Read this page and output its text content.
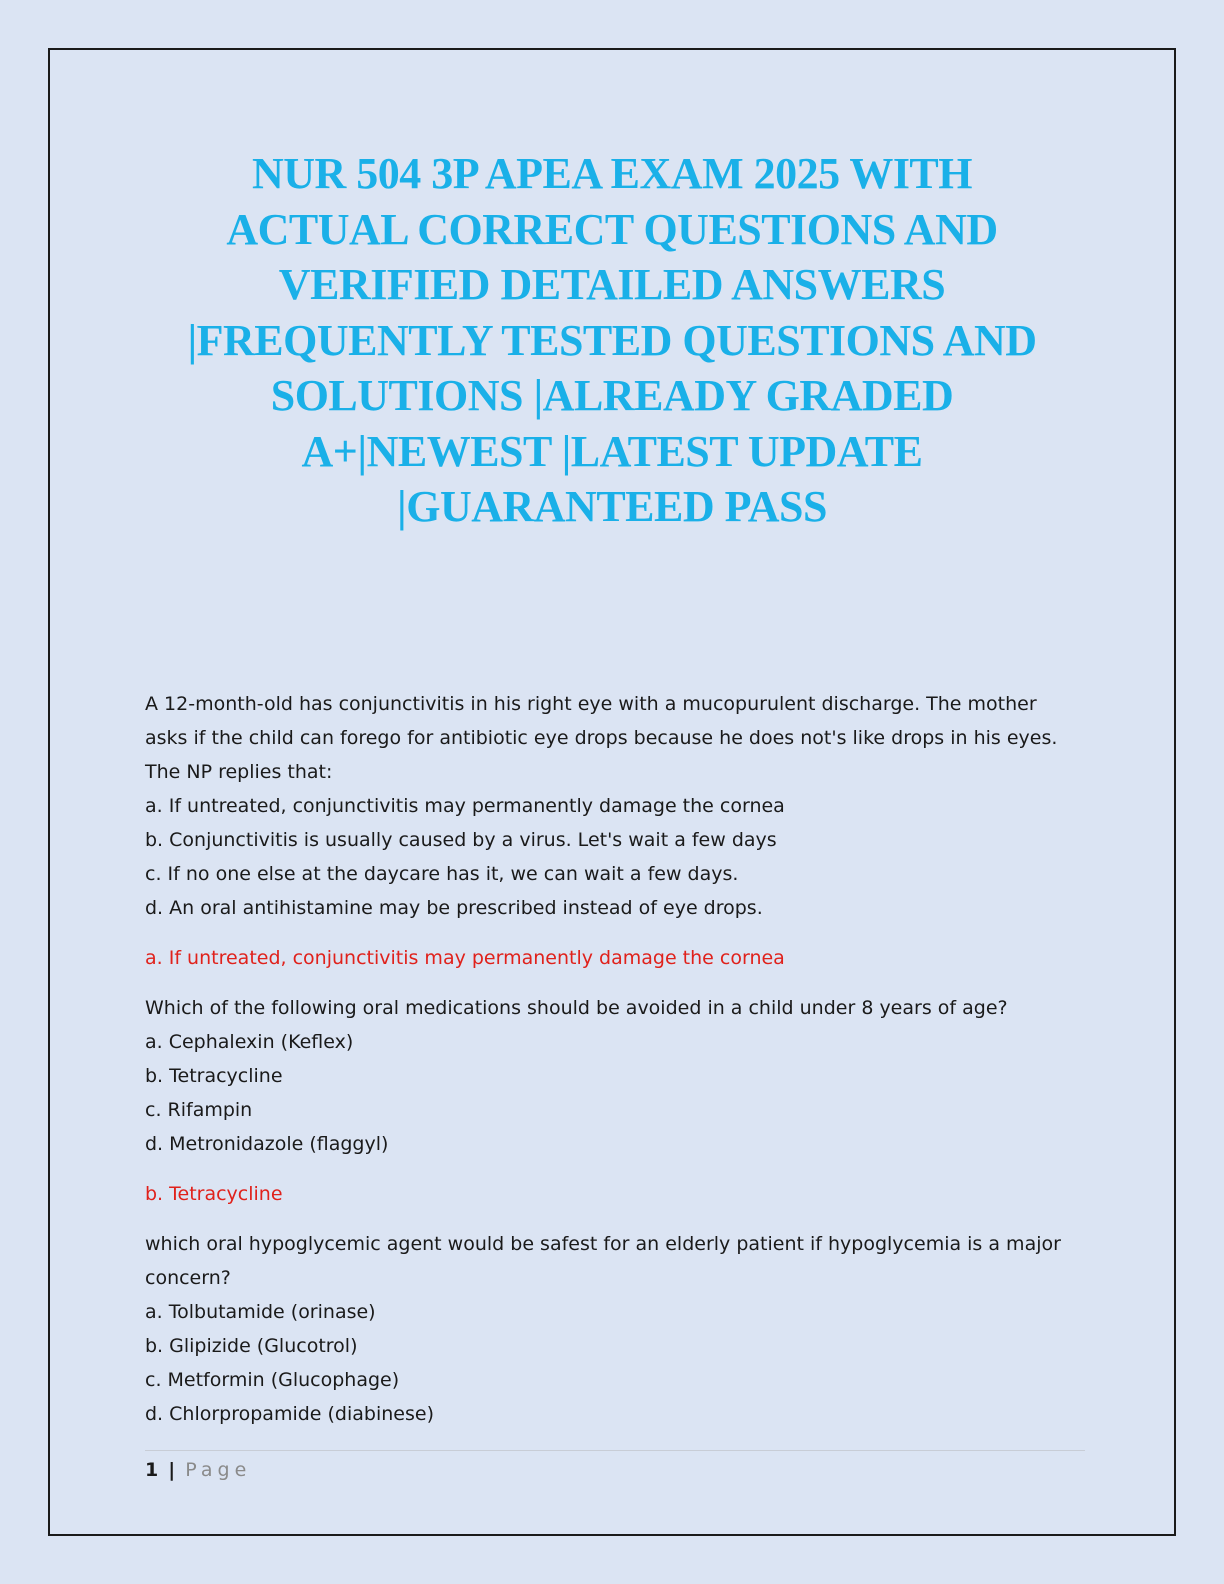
NUR 504 3P APEA EXAM 2025 WITH
ACTUAL CORRECT QUESTIONS AND
VERIFIED DETAILED ANSWERS
|FREQUENTLY TESTED QUESTIONS AND
SOLUTIONS |ALREADY GRADED
A+|NEWEST |LATEST UPDATE
|GUARANTEED PASS

A 12-month-old has conjunctivitis in his right eye with a mucopurulent discharge. The mother

asks if the child can forego for antibiotic eye drops because he does not's like drops in his eyes.

The NP replies that:

a. If untreated, conjunctivitis may permanently damage the cornea

b. Conjunctivitis is usually caused by a virus. Let's wait a few days

c. If no one else at the daycare has it, we can wait a few days.

d. An oral antihistamine may be prescribed instead of eye drops.

a. If untreated, conjunctivitis may permanently damage the cornea

Which of the following oral medications should be avoided in a child under 8 years of age?

a. Cephalexin (Keflex)

b. Tetracycline

c. Rifampin

d. Metronidazole (flaggyl)

b. Tetracycline

which oral hypoglycemic agent would be safest for an elderly patient if hypoglycemia is a major

concern?

a. Tolbutamide (orinase)

b. Glipizide (Glucotrol)

c. Metformin (Glucophage)

d. Chlorpropamide (diabinese)

1 | Page
